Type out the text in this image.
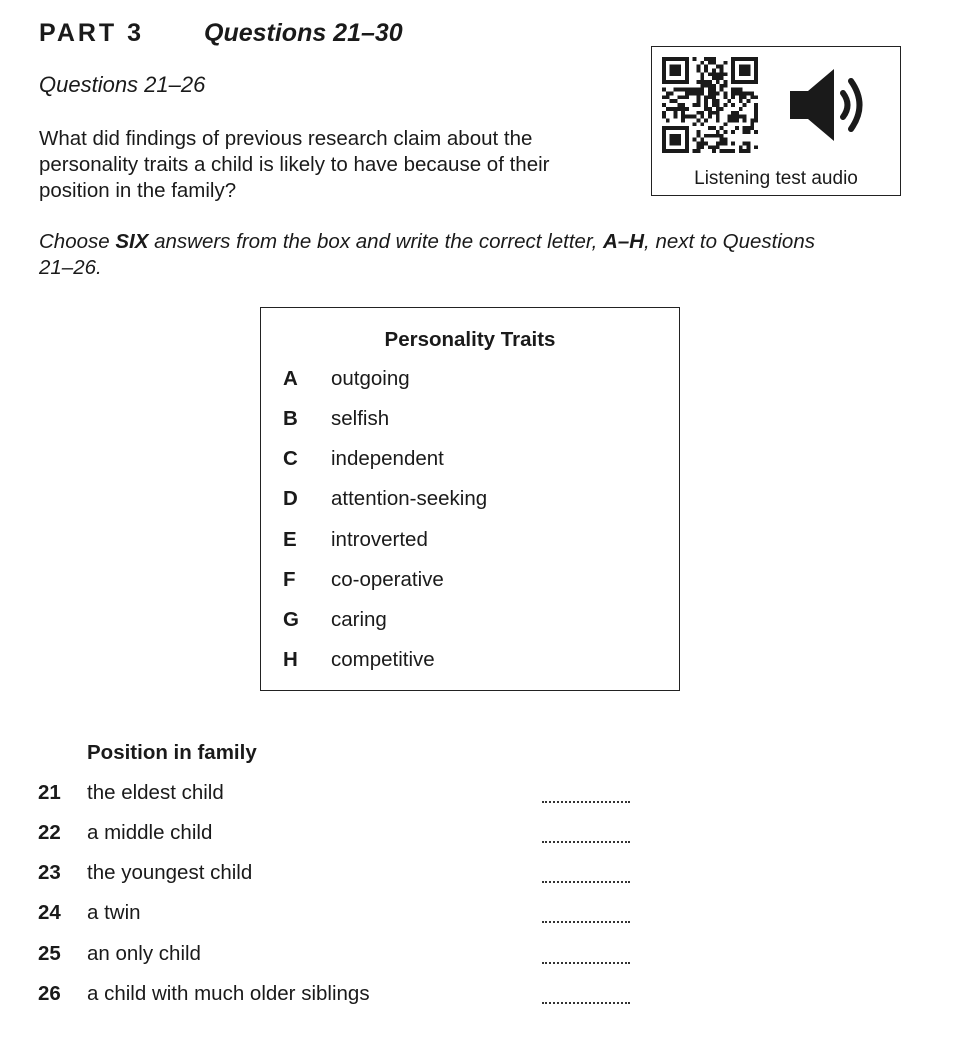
PART 3 Questions 21–30
Questions 21–26
What did findings of previous research claim about the personality traits a child is likely to have because of their position in the family?
Choose SIX answers from the box and write the correct letter, A–H, next to Questions 21–26.
Listening test audio
Personality Traits
A outgoing
B selfish
C independent
D attention-seeking
E	introverted
F	co-operative
G caring
H competitive
Position in family
21 the eldest child
22 a middle child
23 the youngest child
24 a twin
25 an only child
26 a child with much older siblings
